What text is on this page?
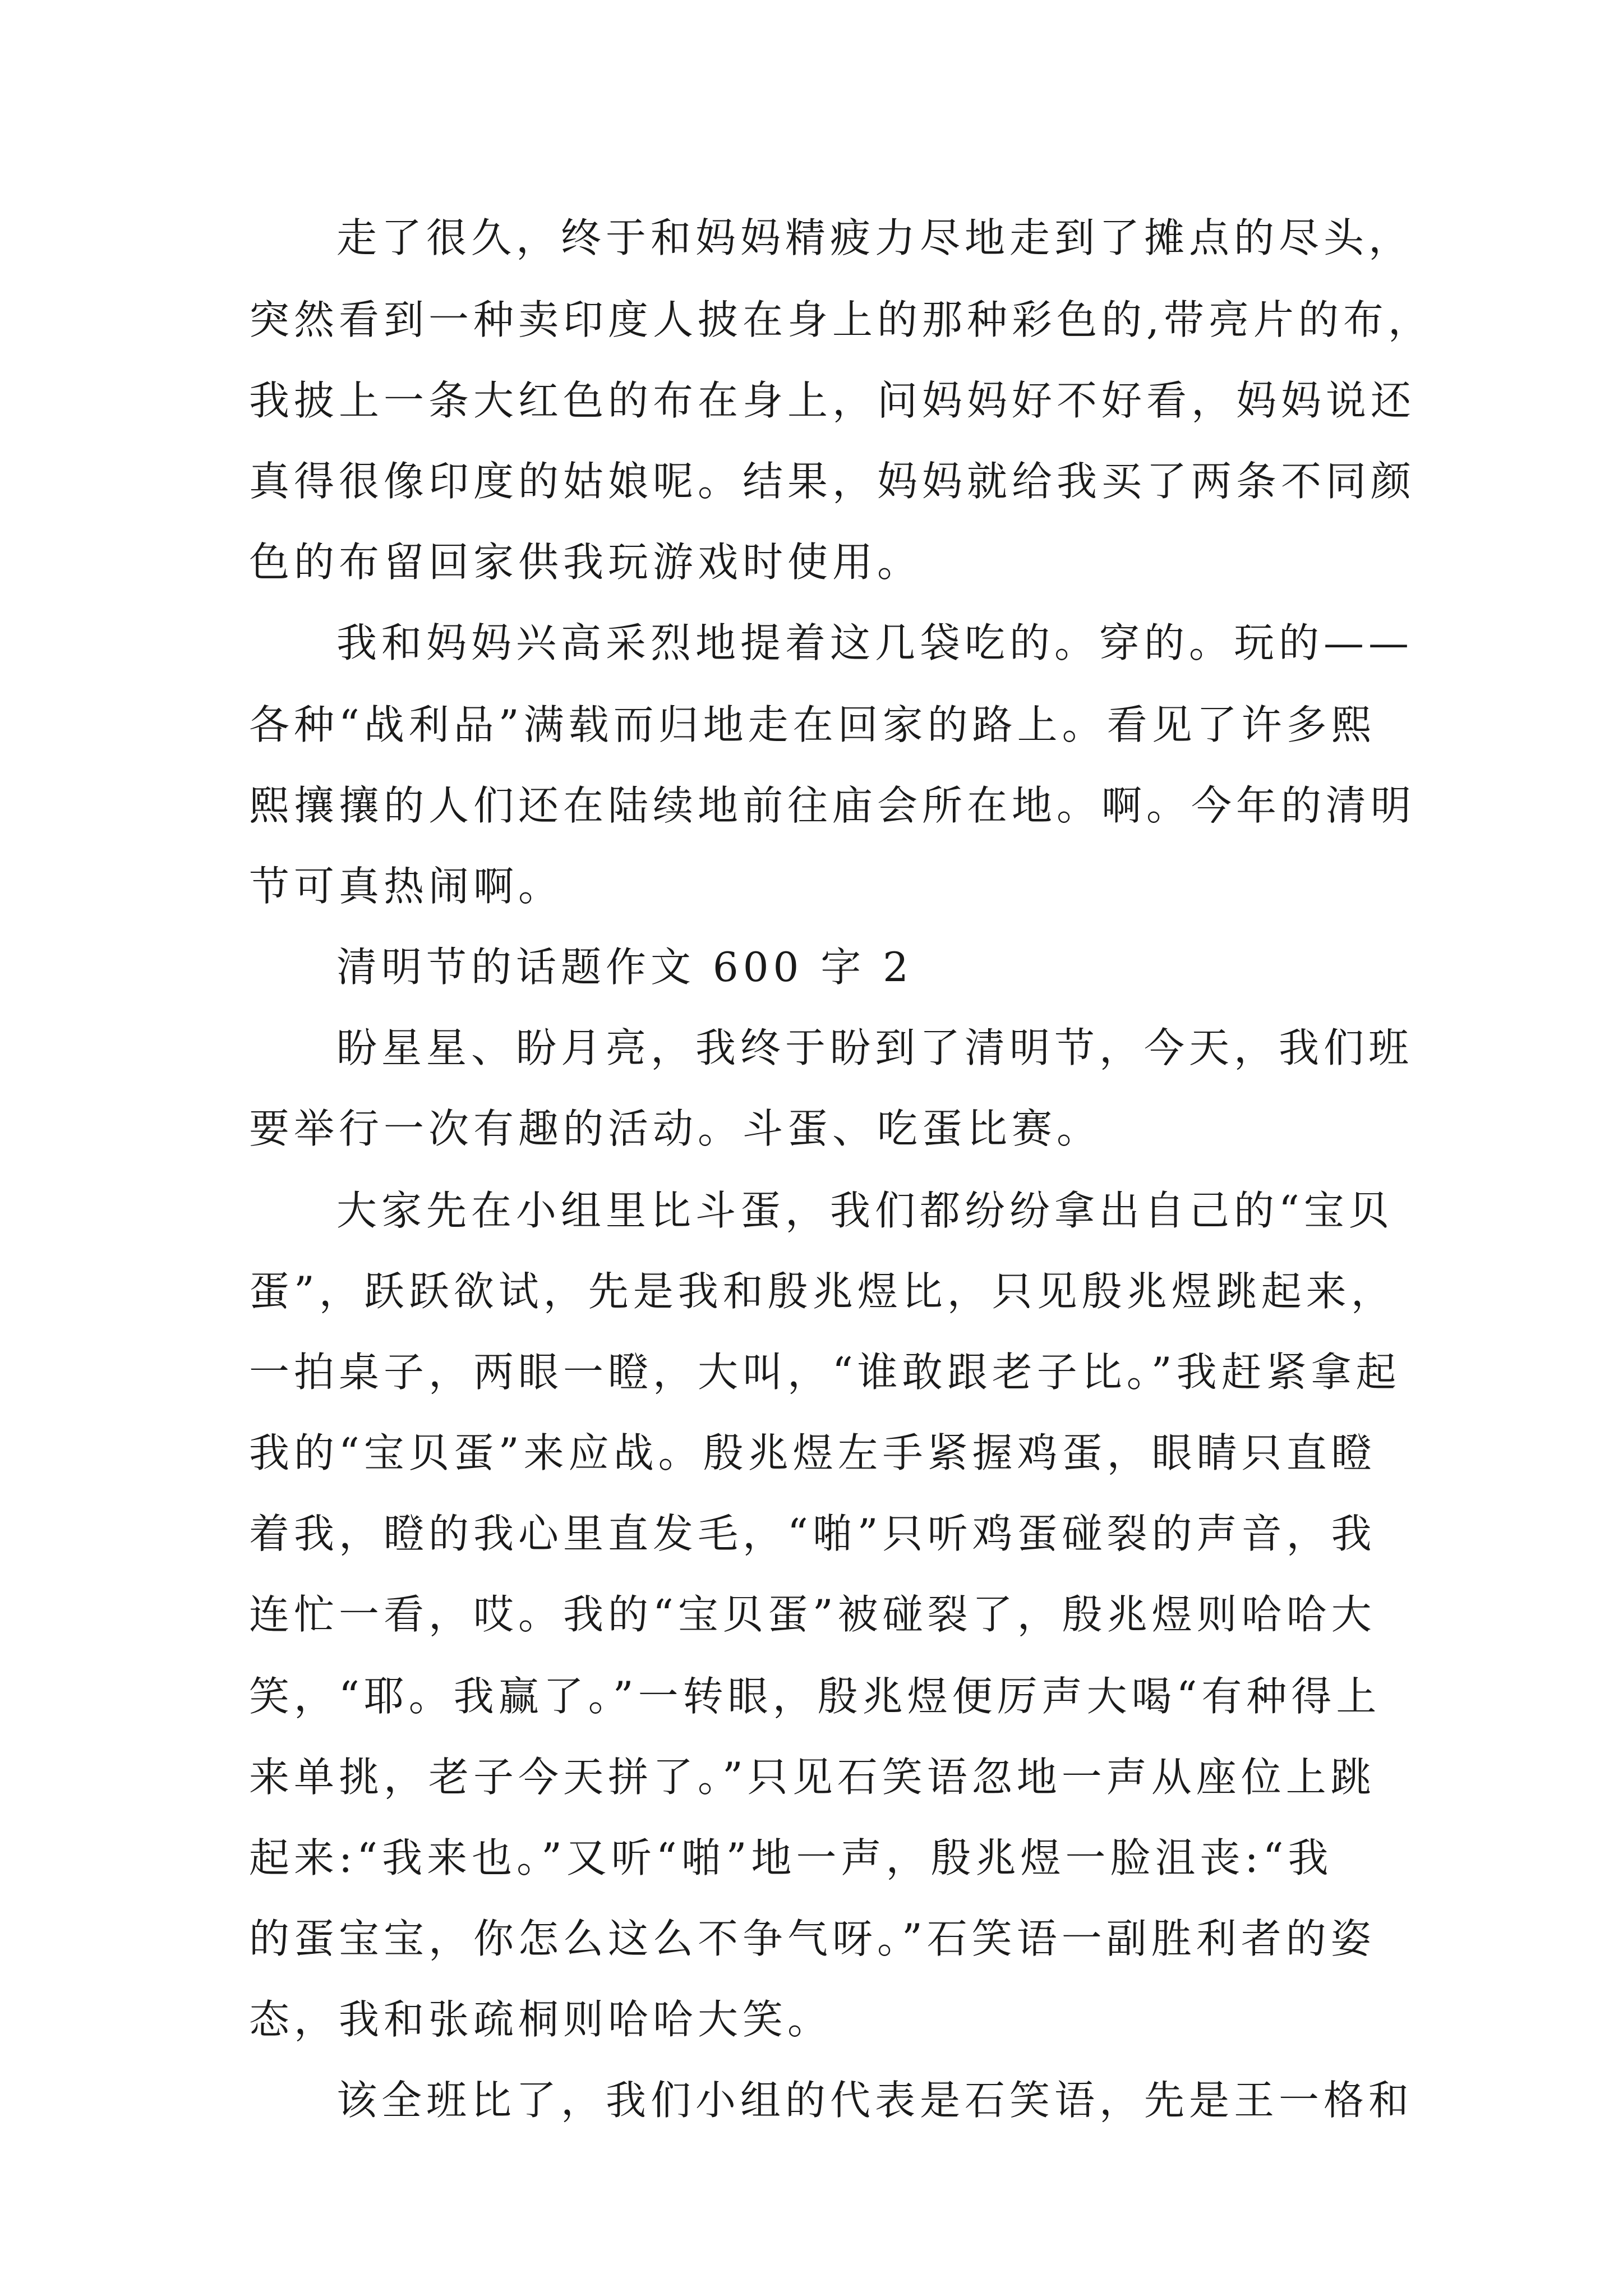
走了很久，终于和妈妈精疲力尽地走到了摊点的尽头，
突然看到一种卖印度人披在身上的那种彩色的,带亮片的布，
我披上一条大红色的布在身上，问妈妈好不好看，妈妈说还
真得很像印度的姑娘呢。结果，妈妈就给我买了两条不同颜
色的布留回家供我玩游戏时使用。
我和妈妈兴高采烈地提着这几袋吃的。穿的。玩的——
各种“战利品”满载而归地走在回家的路上。看见了许多熙
熙攘攘的人们还在陆续地前往庙会所在地。啊。今年的清明
节可真热闹啊。
清明节的话题作文 600 字 2
盼星星、盼月亮，我终于盼到了清明节，今天，我们班
要举行一次有趣的活动。斗蛋、吃蛋比赛。
大家先在小组里比斗蛋，我们都纷纷拿出自己的“宝贝
蛋”，跃跃欲试，先是我和殷兆煜比，只见殷兆煜跳起来，
一拍桌子，两眼一瞪，大叫，“谁敢跟老子比。”我赶紧拿起
我的“宝贝蛋”来应战。殷兆煜左手紧握鸡蛋，眼睛只直瞪
着我，瞪的我心里直发毛，“啪”只听鸡蛋碰裂的声音，我
连忙一看，哎。我的“宝贝蛋”被碰裂了，殷兆煜则哈哈大
笑，“耶。我赢了。”一转眼，殷兆煜便厉声大喝“有种得上
来单挑，老子今天拼了。”只见石笑语忽地一声从座位上跳
起来:“我来也。”又听“啪”地一声，殷兆煜一脸沮丧:“我
的蛋宝宝，你怎么这么不争气呀。”石笑语一副胜利者的姿
态，我和张疏桐则哈哈大笑。
该全班比了，我们小组的代表是石笑语，先是王一格和
